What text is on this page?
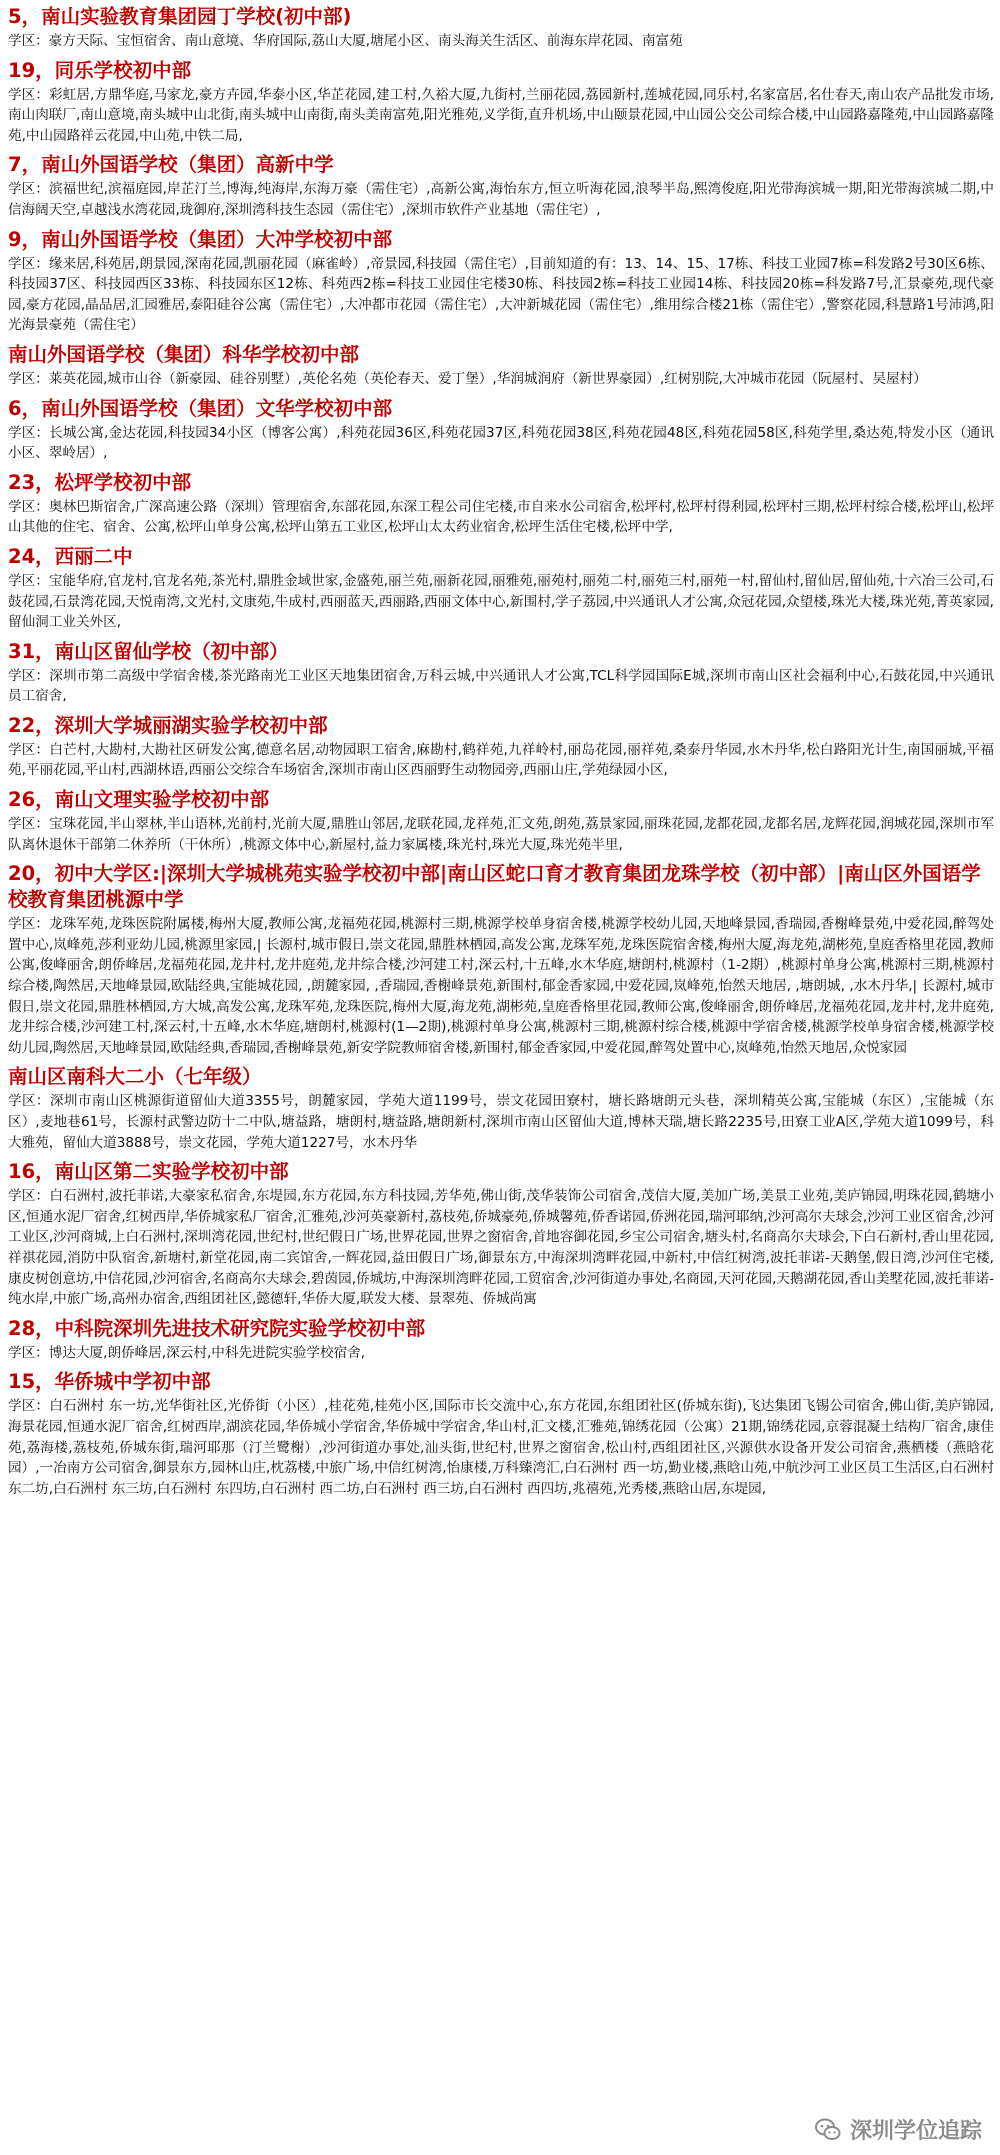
5，南山实验教育集团园丁学校(初中部)
学区：豪方天际、宝恒宿舍、南山意境、华府国际,荔山大厦,塘尾小区、南头海关生活区、前海东岸花园、南富苑
19，同乐学校初中部
学区：彩虹居,方鼎华庭,马家龙,豪方卉园,华泰小区,华芷花园,建工村,久裕大厦,九街村,兰丽花园,荔园新村,莲城花园,同乐村,名家富居,名仕春天,南山农产品批发市场,南山肉联厂,南山意境,南头城中山北街,南头城中山南街,南头美南富苑,阳光雅苑,义学街,直升机场,中山颐景花园,中山园公交公司综合楼,中山园路嘉隆苑,中山园路嘉隆苑,中山园路祥云花园,中山苑,中铁二局,
7，南山外国语学校（集团）高新中学
学区：滨福世纪,滨福庭园,岸芷汀兰,博海,纯海岸,东海万豪（需住宅）,高新公寓,海怡东方,恒立听海花园,浪琴半岛,熙湾俊庭,阳光带海滨城一期,阳光带海滨城二期,中信海阔天空,卓越浅水湾花园,珑御府,深圳湾科技生态园（需住宅）,深圳市软件产业基地（需住宅）,
9，南山外国语学校（集团）大冲学校初中部
学区：缘来居,科苑居,朗景园,深南花园,凯丽花园（麻雀岭）,帝景园,科技园（需住宅）,目前知道的有：13、14、15、17栋、科技工业园7栋=科发路2号30区6栋、科技园37区、科技园西区33栋、科技园东区12栋、科苑西2栋=科技工业园住宅楼30栋、科技园2栋=科技工业园14栋、科技园20栋=科发路7号,汇景豪苑,现代豪园,豪方花园,晶品居,汇园雅居,泰阳硅谷公寓（需住宅）,大冲都市花园（需住宅）,大冲新城花园（需住宅）,维用综合楼21栋（需住宅）,警察花园,科慧路1号沛鸿,阳光海景豪苑（需住宅）
南山外国语学校（集团）科华学校初中部
学区：莱英花园,城市山谷（新豪园、硅谷别墅）,英伦名苑（英伦春天、爱丁堡）,华润城润府（新世界豪园）,红树别院,大冲城市花园（阮屋村、吴屋村）
6，南山外国语学校（集团）文华学校初中部
学区：长城公寓,金达花园,科技园34小区（博客公寓）,科苑花园36区,科苑花园37区,科苑花园38区,科苑花园48区,科苑花园58区,科苑学里,桑达苑,特发小区（通讯小区、翠岭居）,
23，松坪学校初中部
学区：奥林巴斯宿舍,广深高速公路（深圳）管理宿舍,东部花园,东深工程公司住宅楼,市自来水公司宿舍,松坪村,松坪村得利园,松坪村三期,松坪村综合楼,松坪山,松坪山其他的住宅、宿舍、公寓,松坪山单身公寓,松坪山第五工业区,松坪山太太药业宿舍,松坪生活住宅楼,松坪中学,
24，西丽二中
学区：宝能华府,官龙村,官龙名苑,茶光村,鼎胜金域世家,金盛苑,丽兰苑,丽新花园,丽雅苑,丽苑村,丽苑二村,丽苑三村,丽苑一村,留仙村,留仙居,留仙苑,十六冶三公司,石鼓花园,石景湾花园,天悦南湾,文光村,文康苑,牛成村,西丽蓝天,西丽路,西丽文体中心,新围村,学子荔园,中兴通讯人才公寓,众冠花园,众望楼,珠光大楼,珠光苑,菁英家园,留仙洞工业关外区,
31，南山区留仙学校（初中部）
学区：深圳市第二高级中学宿舍楼,茶光路南光工业区天地集团宿舍,万科云城,中兴通讯人才公寓,TCL科学园国际E城,深圳市南山区社会福利中心,石鼓花园,中兴通讯员工宿舍,
22，深圳大学城丽湖实验学校初中部
学区：白芒村,大勘村,大勘社区研发公寓,德意名居,动物园职工宿舍,麻勘村,鹤祥苑,九祥岭村,丽岛花园,丽祥苑,桑泰丹华园,水木丹华,松白路阳光计生,南国丽城,平福苑,平丽花园,平山村,西湖林语,西丽公交综合车场宿舍,深圳市南山区西丽野生动物园旁,西丽山庄,学苑绿园小区,
26，南山文理实验学校初中部
学区：宝珠花园,半山翠林,半山语林,光前村,光前大厦,鼎胜山邻居,龙联花园,龙祥苑,汇文苑,朗苑,荔景家园,丽珠花园,龙都花园,龙都名居,龙辉花园,润城花园,深圳市军队离休退休干部第二休养所（干休所）,桃源文体中心,新屋村,益力家属楼,珠光村,珠光大厦,珠光苑半里,
20，初中大学区:|深圳大学城桃苑实验学校初中部|南山区蛇口育才教育集团龙珠学校（初中部）|南山区外国语学校教育集团桃源中学
学区：龙珠军苑,龙珠医院附属楼,梅州大厦,教师公寓,龙福苑花园,桃源村三期,桃源学校单身宿舍楼,桃源学校幼儿园,天地峰景园,香瑞园,香榭峰景苑,中爱花园,醉驾处置中心,岚峰苑,莎利亚幼儿园,桃源里家园,| 长源村,城市假日,崇文花园,鼎胜林栖园,高发公寓,龙珠军苑,龙珠医院宿舍楼,梅州大厦,海龙苑,湖彬苑,皇庭香格里花园,教师公寓,俊峰丽舍,朗侨峰居,龙福苑花园,龙井村,龙井庭苑,龙井综合楼,沙河建工村,深云村,十五峰,水木华庭,塘朗村,桃源村（1-2期）,桃源村单身公寓,桃源村三期,桃源村综合楼,陶然居,天地峰景园,欧陆经典,宝能城花园, ,朗麓家园, ,香瑞园,香榭峰景苑,新围村,郁金香家园,中爱花园,岚峰苑,怡然天地居, ,塘朗城, ,水木丹华,| 长源村,城市假日,崇文花园,鼎胜林栖园,方大城,高发公寓,龙珠军苑,龙珠医院,梅州大厦,海龙苑,湖彬苑,皇庭香格里花园,教师公寓,俊峰丽舍,朗侨峰居,龙福苑花园,龙井村,龙井庭苑,龙井综合楼,沙河建工村,深云村,十五峰,水木华庭,塘朗村,桃源村(1—2期),桃源村单身公寓,桃源村三期,桃源村综合楼,桃源中学宿舍楼,桃源学校单身宿舍楼,桃源学校幼儿园,陶然居,天地峰景园,欧陆经典,香瑞园,香榭峰景苑,新安学院教师宿舍楼,新围村,郁金香家园,中爱花园,醉驾处置中心,岚峰苑,怡然天地居,众悦家园
南山区南科大二小（七年级）
学区：深圳市南山区桃源街道留仙大道3355号，朗麓家园，学苑大道1199号，崇文花园田寮村，塘长路塘朗元头巷，深圳精英公寓,宝能城（东区）,宝能城（东区）,麦地巷61号，长源村武警边防十二中队,塘益路，塘朗村,塘益路,塘朗新村,深圳市南山区留仙大道,博林天瑞,塘长路2235号,田寮工业A区,学苑大道1099号，科大雅苑，留仙大道3888号，崇文花园，学苑大道1227号，水木丹华
16，南山区第二实验学校初中部
学区：白石洲村,波托菲诺,大豪家私宿舍,东堤园,东方花园,东方科技园,芳华苑,佛山街,茂华装饰公司宿舍,茂信大厦,美加广场,美景工业苑,美庐锦园,明珠花园,鹤塘小区,恒通水泥厂宿舍,红树西岸,华侨城家私厂宿舍,汇雅苑,沙河英豪新村,荔枝苑,侨城豪苑,侨城馨苑,侨香诺园,侨洲花园,瑞河耶纳,沙河高尔夫球会,沙河工业区宿舍,沙河工业区,沙河商城,上白石洲村,深圳湾花园,世纪村,世纪假日广场,世界花园,世界之窗宿舍,首地容御花园,乡宝公司宿舍,塘头村,名商高尔夫球会,下白石新村,香山里花园,祥祺花园,消防中队宿舍,新塘村,新堂花园,南二宾馆舍,一辉花园,益田假日广场,御景东方,中海深圳湾畔花园,中新村,中信红树湾,波托菲诺-天鹅堡,假日湾,沙河住宅楼,康皮树创意坊,中信花园,沙河宿舍,名商高尔夫球会,碧茵园,侨城坊,中海深圳湾畔花园,工贸宿舍,沙河街道办事处,名商园,天河花园,天鹅湖花园,香山美墅花园,波托菲诺-纯水岸,中旅广场,高州办宿舍,西组团社区,懿德轩,华侨大厦,联发大楼、景翠苑、侨城尚寓
28，中科院深圳先进技术研究院实验学校初中部
学区：博达大厦,朗侨峰居,深云村,中科先进院实验学校宿舍,
15，华侨城中学初中部
学区：白石洲村 东一坊,光华街社区,光侨街（小区）,桂花苑,桂苑小区,国际市长交流中心,东方花园,东组团社区(侨城东街),飞达集团飞锡公司宿舍,佛山街,美庐锦园,海景花园,恒通水泥厂宿舍,红树西岸,湖滨花园,华侨城小学宿舍,华侨城中学宿舍,华山村,汇文楼,汇雅苑,锦绣花园（公寓）21期,锦绣花园,京蓉混凝土结构厂宿舍,康佳苑,荔海楼,荔枝苑,侨城东街,瑞河耶那（汀兰鹭榭）,沙河街道办事处,汕头街,世纪村,世界之窗宿舍,松山村,西组团社区,兴源供水设备开发公司宿舍,燕栖楼（燕晗花园）,一冶南方公司宿舍,御景东方,园林山庄,枕荔楼,中旅广场,中信红树湾,怡康楼,万科臻湾汇,白石洲村 西一坊,勤业楼,燕晗山苑,中航沙河工业区员工生活区,白石洲村 东二坊,白石洲村 东三坊,白石洲村 东四坊,白石洲村 西二坊,白石洲村 西三坊,白石洲村 西四坊,兆禧苑,光秀楼,燕晗山居,东堤园,
深圳学位追踪
